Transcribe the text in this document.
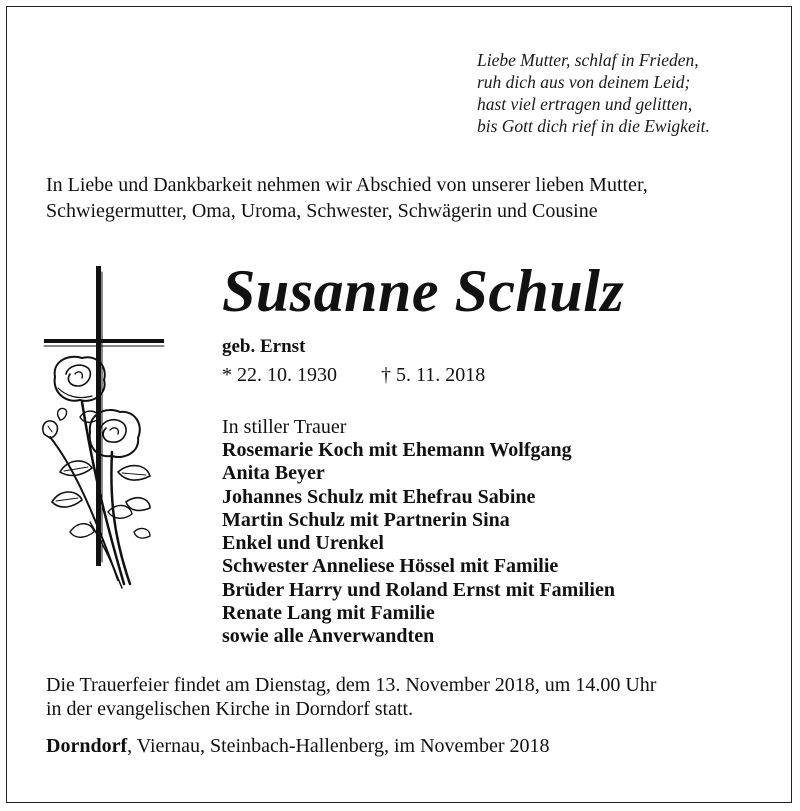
Liebe Mutter, schlaf in Frieden,
ruh dich aus von deinem Leid;
hast viel ertragen und gelitten,
bis Gott dich rief in die Ewigkeit.
In Liebe und Dankbarkeit nehmen wir Abschied von unserer lieben Mutter,
Schwiegermutter, Oma, Uroma, Schwester, Schwägerin und Cousine
Susanne Schulz
geb. Ernst
* 22. 10. 1930 † 5. 11. 2018
In stiller Trauer
Rosemarie Koch mit Ehemann Wolfgang
Anita Beyer
Johannes Schulz mit Ehefrau Sabine
Martin Schulz mit Partnerin Sina
Enkel und Urenkel
Schwester Anneliese Hössel mit Familie
Brüder Harry und Roland Ernst mit Familien
Renate Lang mit Familie
sowie alle Anverwandten
Die Trauerfeier findet am Dienstag, dem 13. November 2018, um 14.00 Uhr
in der evangelischen Kirche in Dorndorf statt.
Dorndorf, Viernau, Steinbach-Hallenberg, im November 2018
